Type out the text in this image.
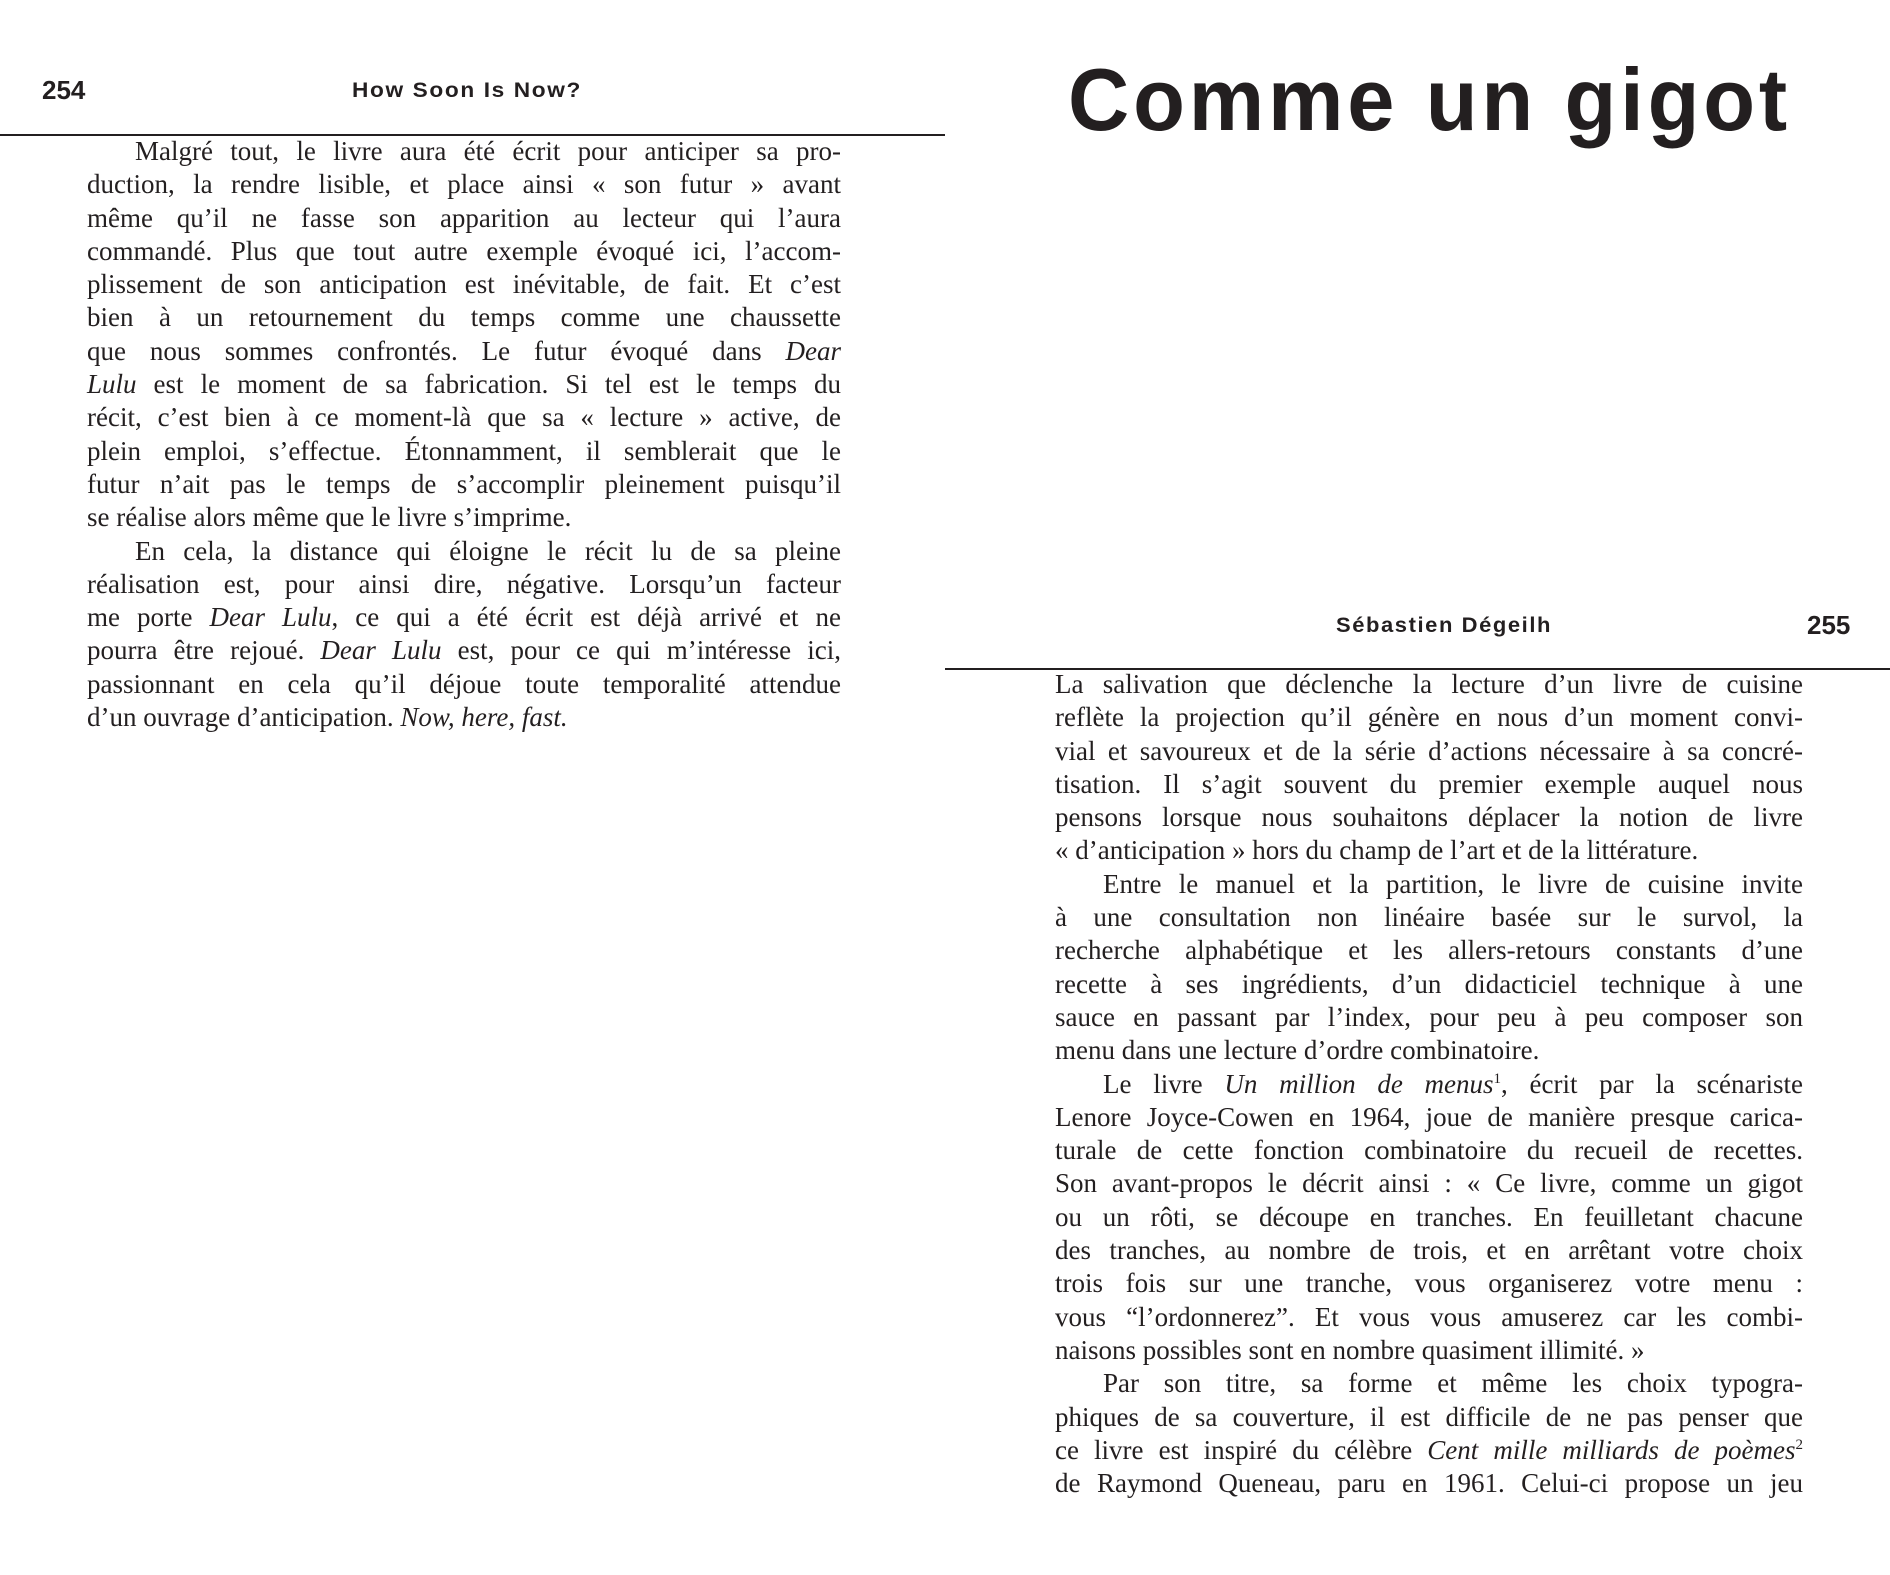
254	How Soon Is Now?
Malgré tout, le livre aura été écrit pour anticiper sa pro-
duction, la rendre lisible, et place ainsi « son futur » avant
même qu’il ne fasse son apparition au lecteur qui l’aura
commandé. Plus que tout autre exemple évoqué ici, l’accom-
plissement de son anticipation est inévitable, de fait. Et c’est
bien à un retournement du temps comme une chaussette
que nous sommes confrontés. Le futur évoqué dans Dear
Lulu est le moment de sa fabrication. Si tel est le temps du
récit, c’est bien à ce moment-là que sa « lecture » active, de
plein emploi, s’effectue. Étonnamment, il semblerait que le
futur n’ait pas le temps de s’accomplir pleinement puisqu’il
se réalise alors même que le livre s’imprime.
En cela, la distance qui éloigne le récit lu de sa pleine
réalisation est, pour ainsi dire, négative. Lorsqu’un facteur
me porte Dear Lulu, ce qui a été écrit est déjà arrivé et ne
pourra être rejoué. Dear Lulu est, pour ce qui m’intéresse ici,
passionnant en cela qu’il déjoue toute temporalité attendue
d’un ouvrage d’anticipation. Now, here, fast.
Comme un gigot
Sébastien Dégeilh	255
La salivation que déclenche la lecture d’un livre de cuisine
reflète la projection qu’il génère en nous d’un moment convi-
vial et savoureux et de la série d’actions nécessaire à sa concré-
tisation. Il s’agit souvent du premier exemple auquel nous
pensons lorsque nous souhaitons déplacer la notion de livre
« d’anticipation » hors du champ de l’art et de la littérature.
Entre le manuel et la partition, le livre de cuisine invite
à une consultation non linéaire basée sur le survol, la
recherche alphabétique et les allers-retours constants d’une
recette à ses ingrédients, d’un didacticiel technique à une
sauce en passant par l’index, pour peu à peu composer son
menu dans une lecture d’ordre combinatoire.
Le livre Un million de menus$^1$, écrit par la scénariste
Lenore Joyce-Cowen en 1964, joue de manière presque carica-
turale de cette fonction combinatoire du recueil de recettes.
Son avant-propos le décrit ainsi : « Ce livre, comme un gigot
ou un rôti, se découpe en tranches. En feuilletant chacune
des tranches, au nombre de trois, et en arrêtant votre choix
trois fois sur une tranche, vous organiserez votre menu :
vous “l’ordonnerez”. Et vous vous amuserez car les combi-
naisons possibles sont en nombre quasiment illimité. »
Par son titre, sa forme et même les choix typogra-
phiques de sa couverture, il est difficile de ne pas penser que
ce livre est inspiré du célèbre Cent mille milliards de poèmes$^2$
de Raymond Queneau, paru en 1961. Celui-ci propose un jeu
